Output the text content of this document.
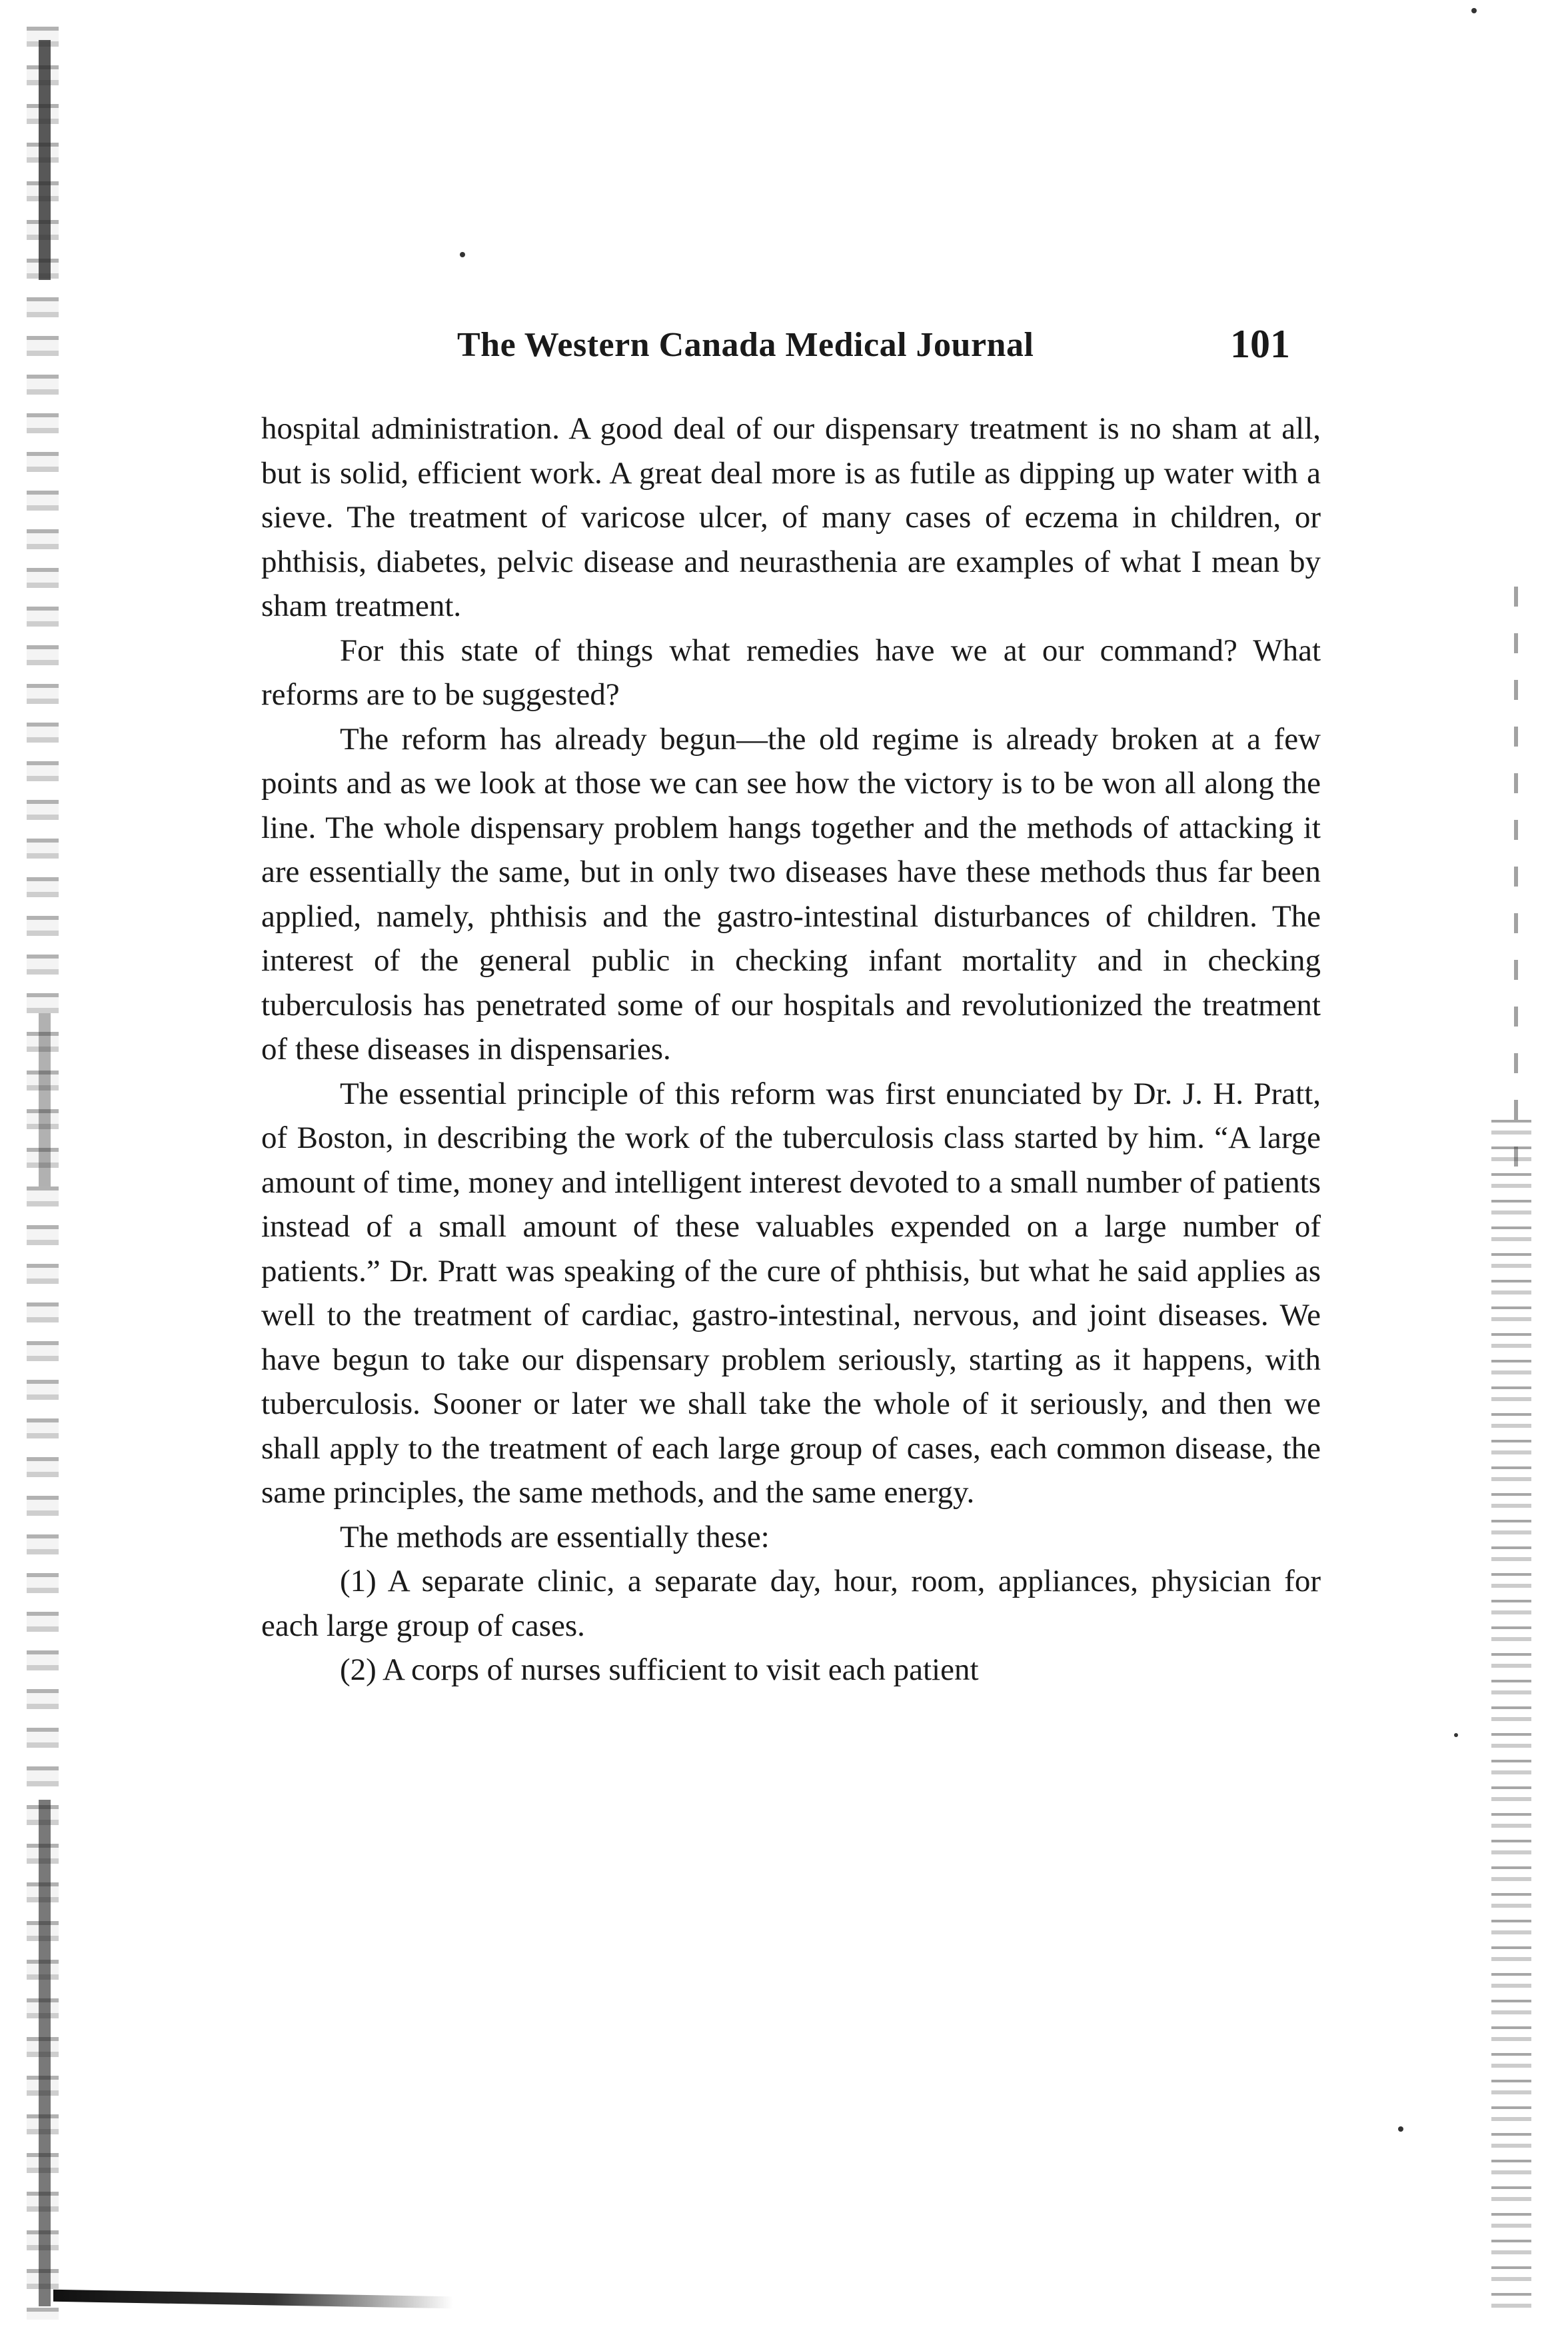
The Western Canada Medical Journal	101

hospital administration. A good deal of our dispensary treatment is no sham at all, but is solid, efficient work. A great deal more is as futile as dipping up water with a sieve. The treatment of varicose ulcer, of many cases of eczema in children, or phthisis, diabetes, pelvic disease and neurasthenia are examples of what I mean by sham treatment.

For this state of things what remedies have we at our command? What reforms are to be suggested?

The reform has already begun—the old regime is already broken at a few points and as we look at those we can see how the victory is to be won all along the line. The whole dispensary problem hangs together and the methods of attacking it are essentially the same, but in only two diseases have these methods thus far been applied, namely, phthisis and the gastro-intestinal disturbances of children. The interest of the general public in checking infant mortality and in checking tuberculosis has penetrated some of our hospitals and revolutionized the treatment of these diseases in dispensaries.

The essential principle of this reform was first enunciated by Dr. J. H. Pratt, of Boston, in describing the work of the tuberculosis class started by him. “A large amount of time, money and intelligent interest devoted to a small number of patients instead of a small amount of these valuables expended on a large number of patients.” Dr. Pratt was speaking of the cure of phthisis, but what he said applies as well to the treatment of cardiac, gastro-intestinal, nervous, and joint diseases. We have begun to take our dispensary problem seriously, starting as it happens, with tuberculosis. Sooner or later we shall take the whole of it seriously, and then we shall apply to the treatment of each large group of cases, each common disease, the same principles, the same methods, and the same energy.

The methods are essentially these:

(1) A separate clinic, a separate day, hour, room, appliances, physician for each large group of cases.

(2) A corps of nurses sufficient to visit each patient
